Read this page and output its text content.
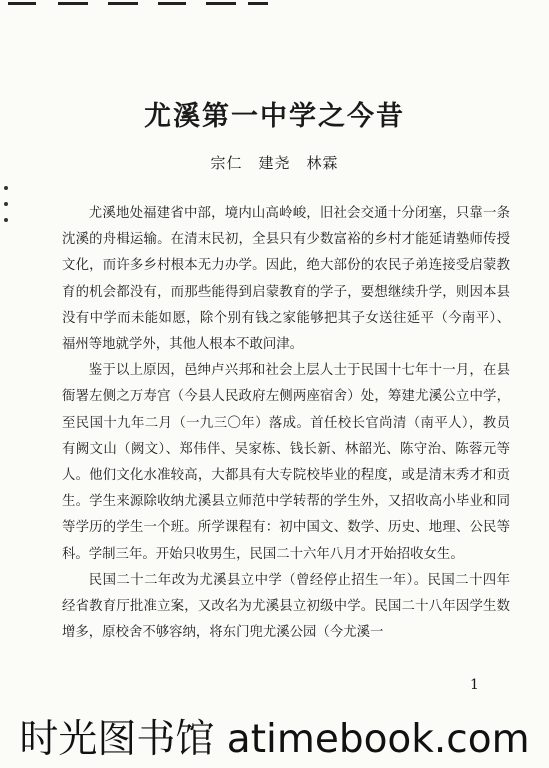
尤溪第一中学之今昔
宗仁　建尧　林霖

尤溪地处福建省中部，境内山高岭峻，旧社会交通十分闭塞，只靠一条沈溪的舟楫运输。在清末民初，全县只有少数富裕的乡村才能延请塾师传授文化，而许多乡村根本无力办学。因此，绝大部份的农民子弟连接受启蒙教育的机会都没有，而那些能得到启蒙教育的学子，要想继续升学，则因本县没有中学而未能如愿，除个别有钱之家能够把其子女送往延平（今南平）、福州等地就学外，其他人根本不敢问津。

鉴于以上原因，邑绅卢兴邦和社会上层人士于民国十七年十一月，在县衙署左侧之万寿宫（今县人民政府左侧两座宿舍）处，筹建尤溪公立中学，至民国十九年二月（一九三〇年）落成。首任校长官尚清（南平人），教员有阙文山（阙文）、郑伟伴、吴家栋、钱长新、林韶光、陈守治、陈蓉元等人。他们文化水准较高，大都具有大专院校毕业的程度，或是清末秀才和贡生。学生来源除收纳尤溪县立师范中学转帮的学生外，又招收高小毕业和同等学历的学生一个班。所学课程有：初中国文、数学、历史、地理、公民等科。学制三年。开始只收男生，民国二十六年八月才开始招收女生。

民国二十二年改为尤溪县立中学（曾经停止招生一年）。民国二十四年经省教育厅批准立案，又改名为尤溪县立初级中学。民国二十八年因学生数增多，原校舍不够容纳，将东门兜尤溪公园（今尤溪一

1
时光图书馆 atimebook.com
